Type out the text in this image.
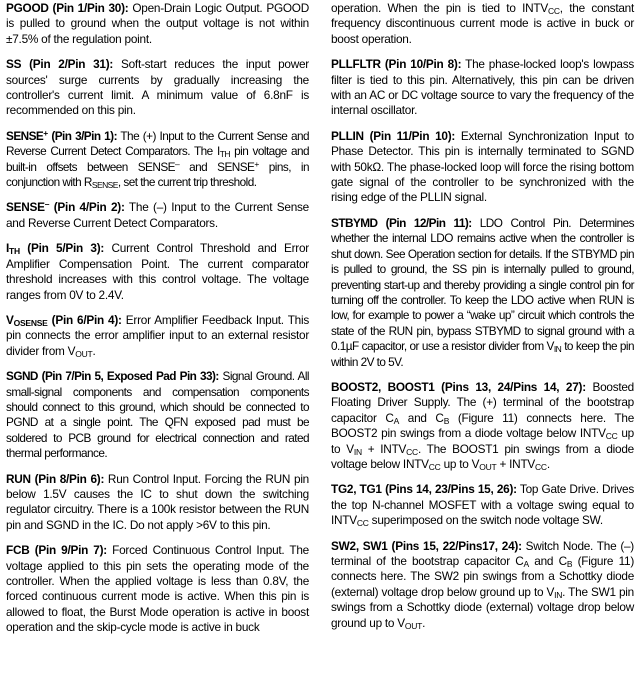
PGOOD (Pin 1/Pin 30): Open-Drain Logic Output. PGOOD is pulled to ground when the output voltage is not within ±7.5% of the regulation point.

SS (Pin 2/Pin 31): Soft-start reduces the input power sources' surge currents by gradually increasing the controller's current limit. A minimum value of 6.8nF is recommended on this pin.

SENSE+ (Pin 3/Pin 1): The (+) Input to the Current Sense and Reverse Current Detect Comparators. The $I_{TH}$ pin voltage and built-in offsets between SENSE– and SENSE+ pins, in conjunction with $R_{SENSE}$, set the current trip threshold.

SENSE– (Pin 4/Pin 2): The (–) Input to the Current Sense and Reverse Current Detect Comparators.

$I_{TH}$ (Pin 5/Pin 3): Current Control Threshold and Error Amplifier Compensation Point. The current comparator threshold increases with this control voltage. The voltage ranges from 0V to 2.4V.

$V_{OSENSE}$ (Pin 6/Pin 4): Error Amplifier Feedback Input. This pin connects the error amplifier input to an external resistor divider from $V_{OUT}$.

SGND (Pin 7/Pin 5, Exposed Pad Pin 33): Signal Ground. All small-signal components and compensation components should connect to this ground, which should be connected to PGND at a single point. The QFN exposed pad must be soldered to PCB ground for electrical connection and rated thermal performance.

RUN (Pin 8/Pin 6): Run Control Input. Forcing the RUN pin below 1.5V causes the IC to shut down the switching regulator circuitry. There is a 100k resistor between the RUN pin and SGND in the IC. Do not apply >6V to this pin.

FCB (Pin 9/Pin 7): Forced Continuous Control Input. The voltage applied to this pin sets the operating mode of the controller. When the applied voltage is less than 0.8V, the forced continuous current mode is active. When this pin is allowed to float, the Burst Mode operation is active in boost operation and the skip-cycle mode is active in buck

operation. When the pin is tied to $INTV_{CC}$, the constant frequency discontinuous current mode is active in buck or boost operation.

PLLFLTR (Pin 10/Pin 8): The phase-locked loop's lowpass filter is tied to this pin. Alternatively, this pin can be driven with an AC or DC voltage source to vary the frequency of the internal oscillator.

PLLIN (Pin 11/Pin 10): External Synchronization Input to Phase Detector. This pin is internally terminated to SGND with 50kΩ. The phase-locked loop will force the rising bottom gate signal of the controller to be synchronized with the rising edge of the PLLIN signal.

STBYMD (Pin 12/Pin 11): LDO Control Pin. Determines whether the internal LDO remains active when the controller is shut down. See Operation section for details. If the STBYMD pin is pulled to ground, the SS pin is internally pulled to ground, preventing start-up and thereby providing a single control pin for turning off the controller. To keep the LDO active when RUN is low, for example to power a “wake up” circuit which controls the state of the RUN pin, bypass STBYMD to signal ground with a 0.1µF capacitor, or use a resistor divider from $V_{IN}$ to keep the pin within 2V to 5V.

BOOST2, BOOST1 (Pins 13, 24/Pins 14, 27): Boosted Floating Driver Supply. The (+) terminal of the bootstrap capacitor $C_A$ and $C_B$ (Figure 11) connects here. The BOOST2 pin swings from a diode voltage below $INTV_{CC}$ up to $V_{IN}$ + $INTV_{CC}$. The BOOST1 pin swings from a diode voltage below $INTV_{CC}$ up to $V_{OUT}$ + $INTV_{CC}$.

TG2, TG1 (Pins 14, 23/Pins 15, 26): Top Gate Drive. Drives the top N-channel MOSFET with a voltage swing equal to $INTV_{CC}$ superimposed on the switch node voltage SW.

SW2, SW1 (Pins 15, 22/Pins17, 24): Switch Node. The (–) terminal of the bootstrap capacitor $C_A$ and $C_B$ (Figure 11) connects here. The SW2 pin swings from a Schottky diode (external) voltage drop below ground up to $V_{IN}$. The SW1 pin swings from a Schottky diode (external) voltage drop below ground up to $V_{OUT}$.
